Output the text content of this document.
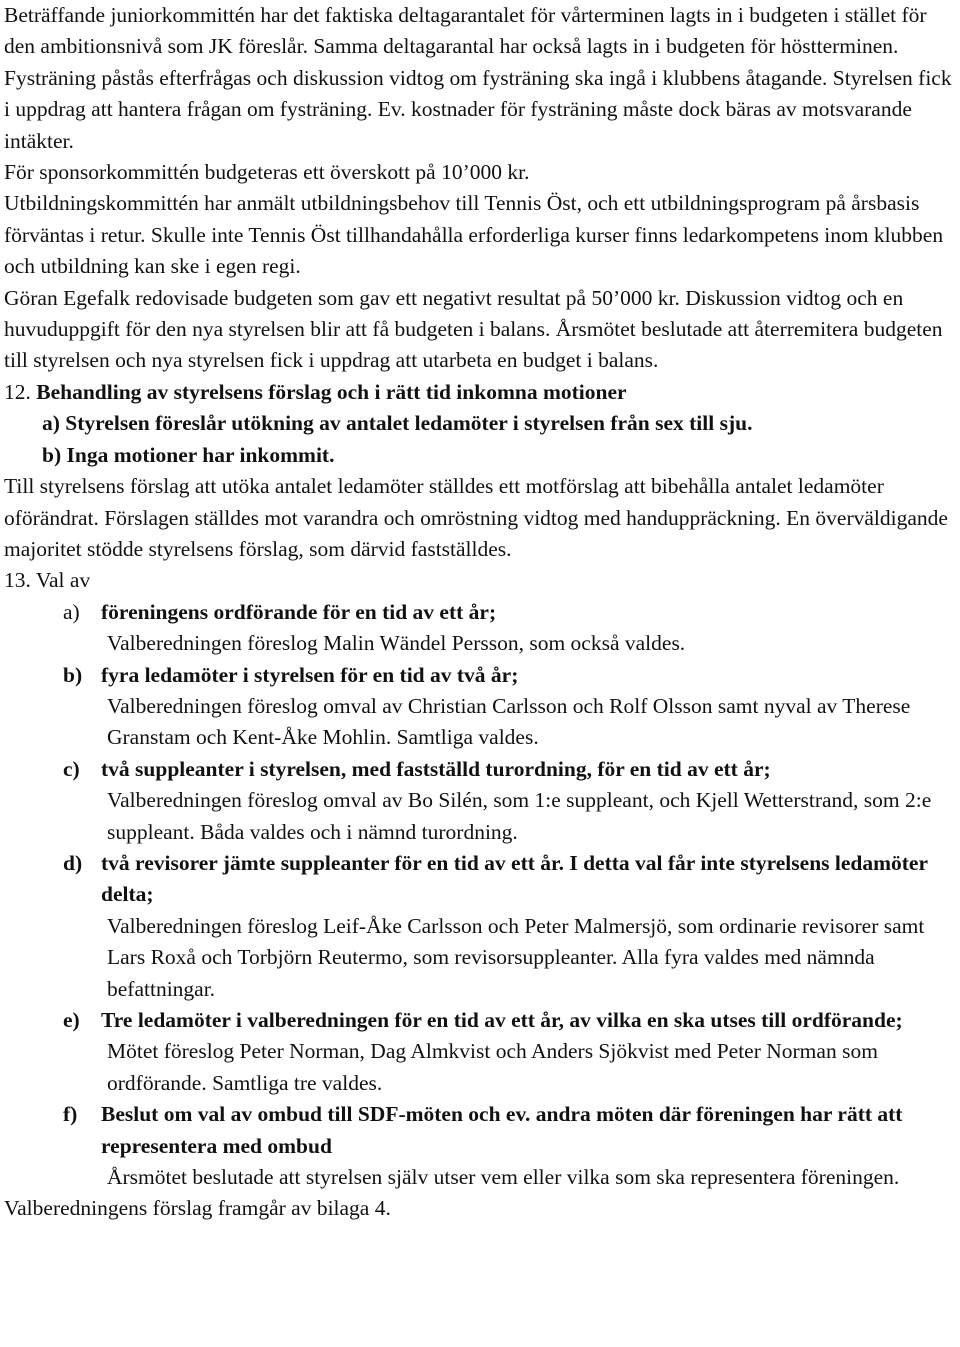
Beträffande juniorkommittén har det faktiska deltagarantalet för vårterminen lagts in i budgeten i stället för den ambitionsnivå som JK föreslår. Samma deltagarantal har också lagts in i budgeten för höstterminen. Fysträning påstås efterfrågas och diskussion vidtog om fysträning ska ingå i klubbens åtagande. Styrelsen fick i uppdrag att hantera frågan om fysträning. Ev. kostnader för fysträning måste dock bäras av motsvarande intäkter.

För sponsorkommittén budgeteras ett överskott på 10’000 kr.

Utbildningskommittén har anmält utbildningsbehov till Tennis Öst, och ett utbildningsprogram på årsbasis förväntas i retur. Skulle inte Tennis Öst tillhandahålla erforderliga kurser finns ledarkompetens inom klubben och utbildning kan ske i egen regi.

Göran Egefalk redovisade budgeten som gav ett negativt resultat på 50’000 kr. Diskussion vidtog och en huvuduppgift för den nya styrelsen blir att få budgeten i balans. Årsmötet beslutade att återremitera budgeten till styrelsen och nya styrelsen fick i uppdrag att utarbeta en budget i balans.

12. Behandling av styrelsens förslag och i rätt tid inkomna motioner

a) Styrelsen föreslår utökning av antalet ledamöter i styrelsen från sex till sju.

b) Inga motioner har inkommit.

Till styrelsens förslag att utöka antalet ledamöter ställdes ett motförslag att bibehålla antalet ledamöter oförändrat. Förslagen ställdes mot varandra och omröstning vidtog med handuppräckning. En överväldigande majoritet stödde styrelsens förslag, som därvid fastställdes.

13. Val av

a) föreningens ordförande för en tid av ett år;

Valberedningen föreslog Malin Wändel Persson, som också valdes.

b) fyra ledamöter i styrelsen för en tid av två år;

Valberedningen föreslog omval av Christian Carlsson och Rolf Olsson samt nyval av Therese Granstam och Kent-Åke Mohlin. Samtliga valdes.

c) två suppleanter i styrelsen, med fastställd turordning, för en tid av ett år;

Valberedningen föreslog omval av Bo Silén, som 1:e suppleant, och Kjell Wetterstrand, som 2:e suppleant. Båda valdes och i nämnd turordning.

d) två revisorer jämte suppleanter för en tid av ett år. I detta val får inte styrelsens ledamöter delta;

Valberedningen föreslog Leif-Åke Carlsson och Peter Malmersjö, som ordinarie revisorer samt Lars Roxå och Torbjörn Reutermo, som revisorsuppleanter. Alla fyra valdes med nämnda befattningar.

e) Tre ledamöter i valberedningen för en tid av ett år, av vilka en ska utses till ordförande;

Mötet föreslog Peter Norman, Dag Almkvist och Anders Sjökvist med Peter Norman som ordförande. Samtliga tre valdes.

f)	Beslut om val av ombud till SDF-möten och ev. andra möten där föreningen har rätt att representera med ombud

Årsmötet beslutade att styrelsen själv utser vem eller vilka som ska representera föreningen.

Valberedningens förslag framgår av bilaga 4.
